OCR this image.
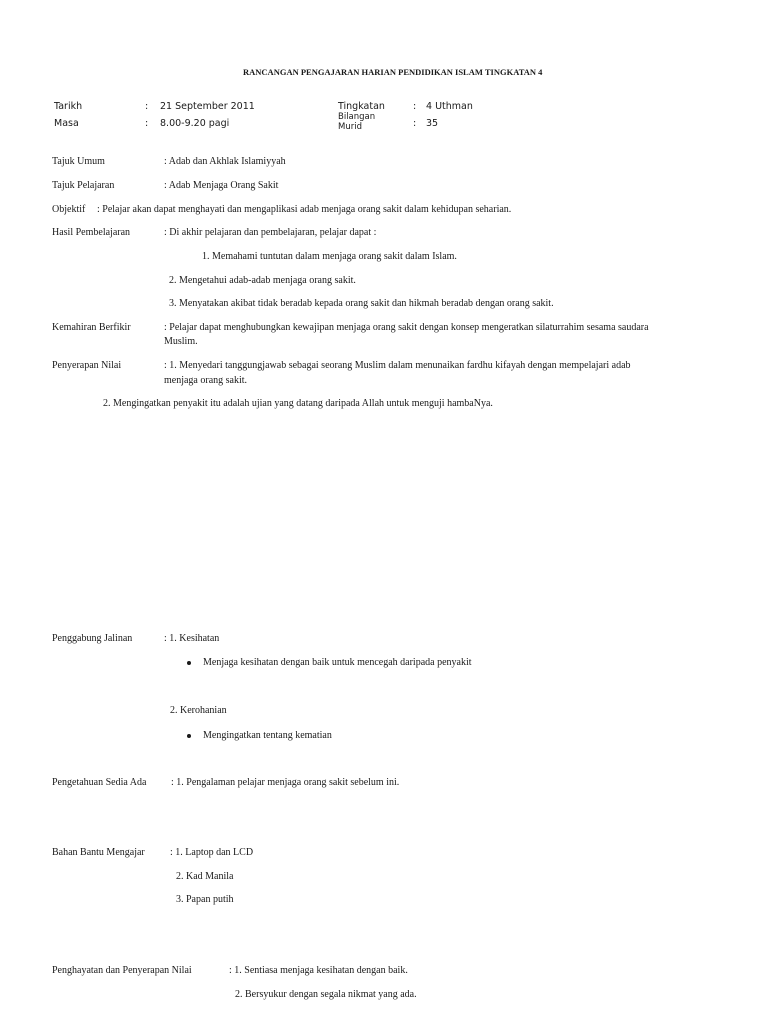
RANCANGAN PENGAJARAN HARIAN PENDIDIKAN ISLAM TINGKATAN 4
Tarikh	: 21 September 2011
Masa	: 8.00-9.20 pagi
Tingkatan	: 4 Uthman
Bilangan
Murid	: 35
Tajuk Umum	: Adab dan Akhlak Islamiyyah
Tajuk Pelajaran	: Adab Menjaga Orang Sakit
Objektif : Pelajar akan dapat menghayati dan mengaplikasi adab menjaga orang sakit dalam kehidupan seharian.
Hasil Pembelajaran	: Di akhir pelajaran dan pembelajaran, pelajar dapat :
1. Memahami tuntutan dalam menjaga orang sakit dalam Islam.
2. Mengetahui adab-adab menjaga orang sakit.
3. Menyatakan akibat tidak beradab kepada orang sakit dan hikmah beradab dengan orang sakit.
Kemahiran Berfikir	: Pelajar dapat menghubungkan kewajipan menjaga orang sakit dengan konsep mengeratkan silaturrahim sesama saudara
Muslim.
Penyerapan Nilai	: 1. Menyedari tanggungjawab sebagai seorang Muslim dalam menunaikan fardhu kifayah dengan mempelajari adab
menjaga orang sakit.
2. Mengingatkan penyakit itu adalah ujian yang datang daripada Allah untuk menguji hambaNya.
Penggabung Jalinan	: 1. Kesihatan
Menjaga kesihatan dengan baik untuk mencegah daripada penyakit
2. Kerohanian
Mengingatkan tentang kematian
Pengetahuan Sedia Ada : 1. Pengalaman pelajar menjaga orang sakit sebelum ini.
Bahan Bantu Mengajar	: 1. Laptop dan LCD
2. Kad Manila
3. Papan putih
Penghayatan dan Penyerapan Nilai	: 1. Sentiasa menjaga kesihatan dengan baik.
2. Bersyukur dengan segala nikmat yang ada.
